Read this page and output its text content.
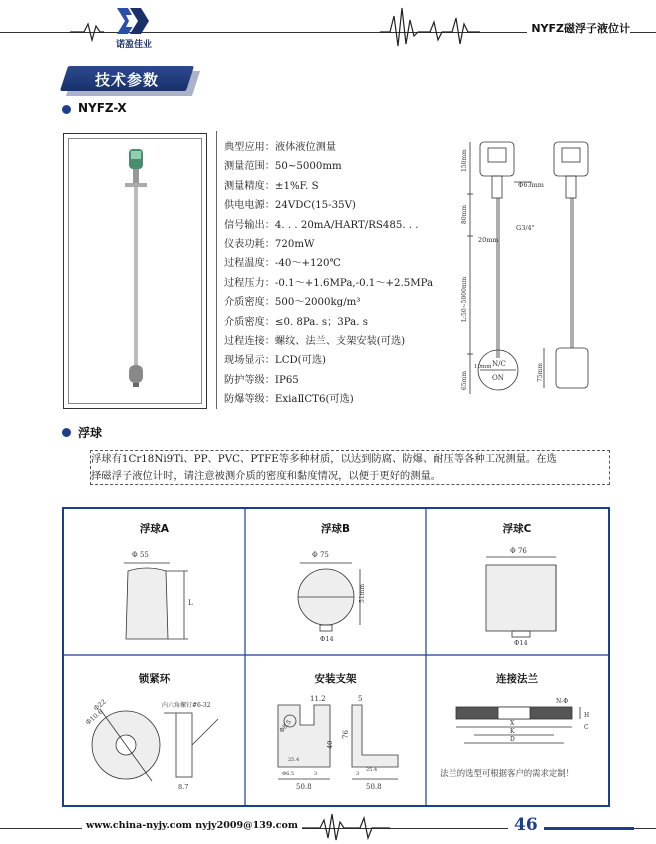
诺盈佳业
NYFZ磁浮子液位计
技术参数
NYFZ-X
典型应用：液体液位测量
测量范围：50~5000mm
测量精度：±1%F. S
供电电源：24VDC(15-35V)
信号输出：4. . . 20mA/HART/RS485. . .
仪表功耗：720mW
过程温度：-40～+120℃
过程压力：-0.1～+1.6MPa,-0.1～+2.5MPa
介质密度：500～2000kg/m³
介质密度：≤0. 8Pa. s；3Pa. s
过程连接：螺纹、法兰、支架安装(可选)
现场显示：LCD(可选)
防护等级：IP65
防爆等级：ExiaⅡCT6(可选)
150mm
Φ63mm
G3/4"
80mm
20mm
L:50~5000mm
10mm N/C
ON
65mm	75mm
浮球
浮球有1Cr18Ni9Ti、PP、PVC、PTFE等多种材质，以达到防腐、防爆、耐压等各种工况测量。在选
择磁浮子液位计时，请注意被测介质的密度和黏度情况，以便于更好的测量。
浮球A
Φ 55
L
浮球B
Φ 75
51mm
Φ14
浮球C
Φ 76
Φ14
锁紧环
Φ22
Φ10.6
内六角螺钉#6-32
8.7
安装支架
11.2	5
Φ8.5
40
76
25.4
Φ6.5	3
50.8
25.4
3
50.8
连接法兰
N-Φ
H
X
K
D
C
法兰的选型可根据客户的需求定制！
www.china-nyjy.com nyjy2009@139.com	46
